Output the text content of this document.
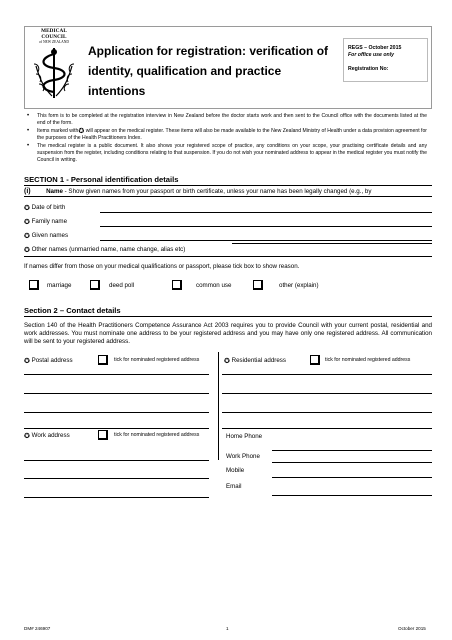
MEDICAL
COUNCIL
of NEW ZEALAND
Application for registration: verification of identity, qualification and practice intentions
REGS – October 2015
For office use only
Registration No:
• This form is to be completed at the registration interview in New Zealand before the doctor starts work and then sent to the Council office with the documents listed at the end of the form.
• Items marked with✪ will appear on the medical register. These items will also be made available to the New Zealand Ministry of Health under a data provision agreement for the purposes of the Health Practitioners Index.
• The medical register is a public document. It also shows your registered scope of practice, any conditions on your scope, your practising certificate details and any suspension from the register, including conditions relating to that suspension. If you do not wish your nominated address to appear in the medical register you must notify the Council in writing.
SECTION 1 - Personal identification details
(i) Name - Show given names from your passport or birth certificate, unless your name has been legally changed (e.g., by
✪ Date of birth
✪ Family name
✪ Given names
✪ Other names (unmarried name, name change, alias etc)
If names differ from those on your medical qualifications or passport, please tick box to show reason.
marriage	deed poll	common use	other (explain)
Section 2 – Contact details
Section 140 of the Health Practitioners Competence Assurance Act 2003 requires you to provide Council with your current postal, residential and work addresses. You must nominate one address to be your registered address and you may have only one registered address. All communication will be sent to your registered address.
✪ Postal address	tick for nominated registered address	✪ Residential address	tick for nominated registered address
✪ Work address	tick for nominated registered address	Home Phone
Work Phone
Mobile
Email
DM# 246907	1	October 2015
